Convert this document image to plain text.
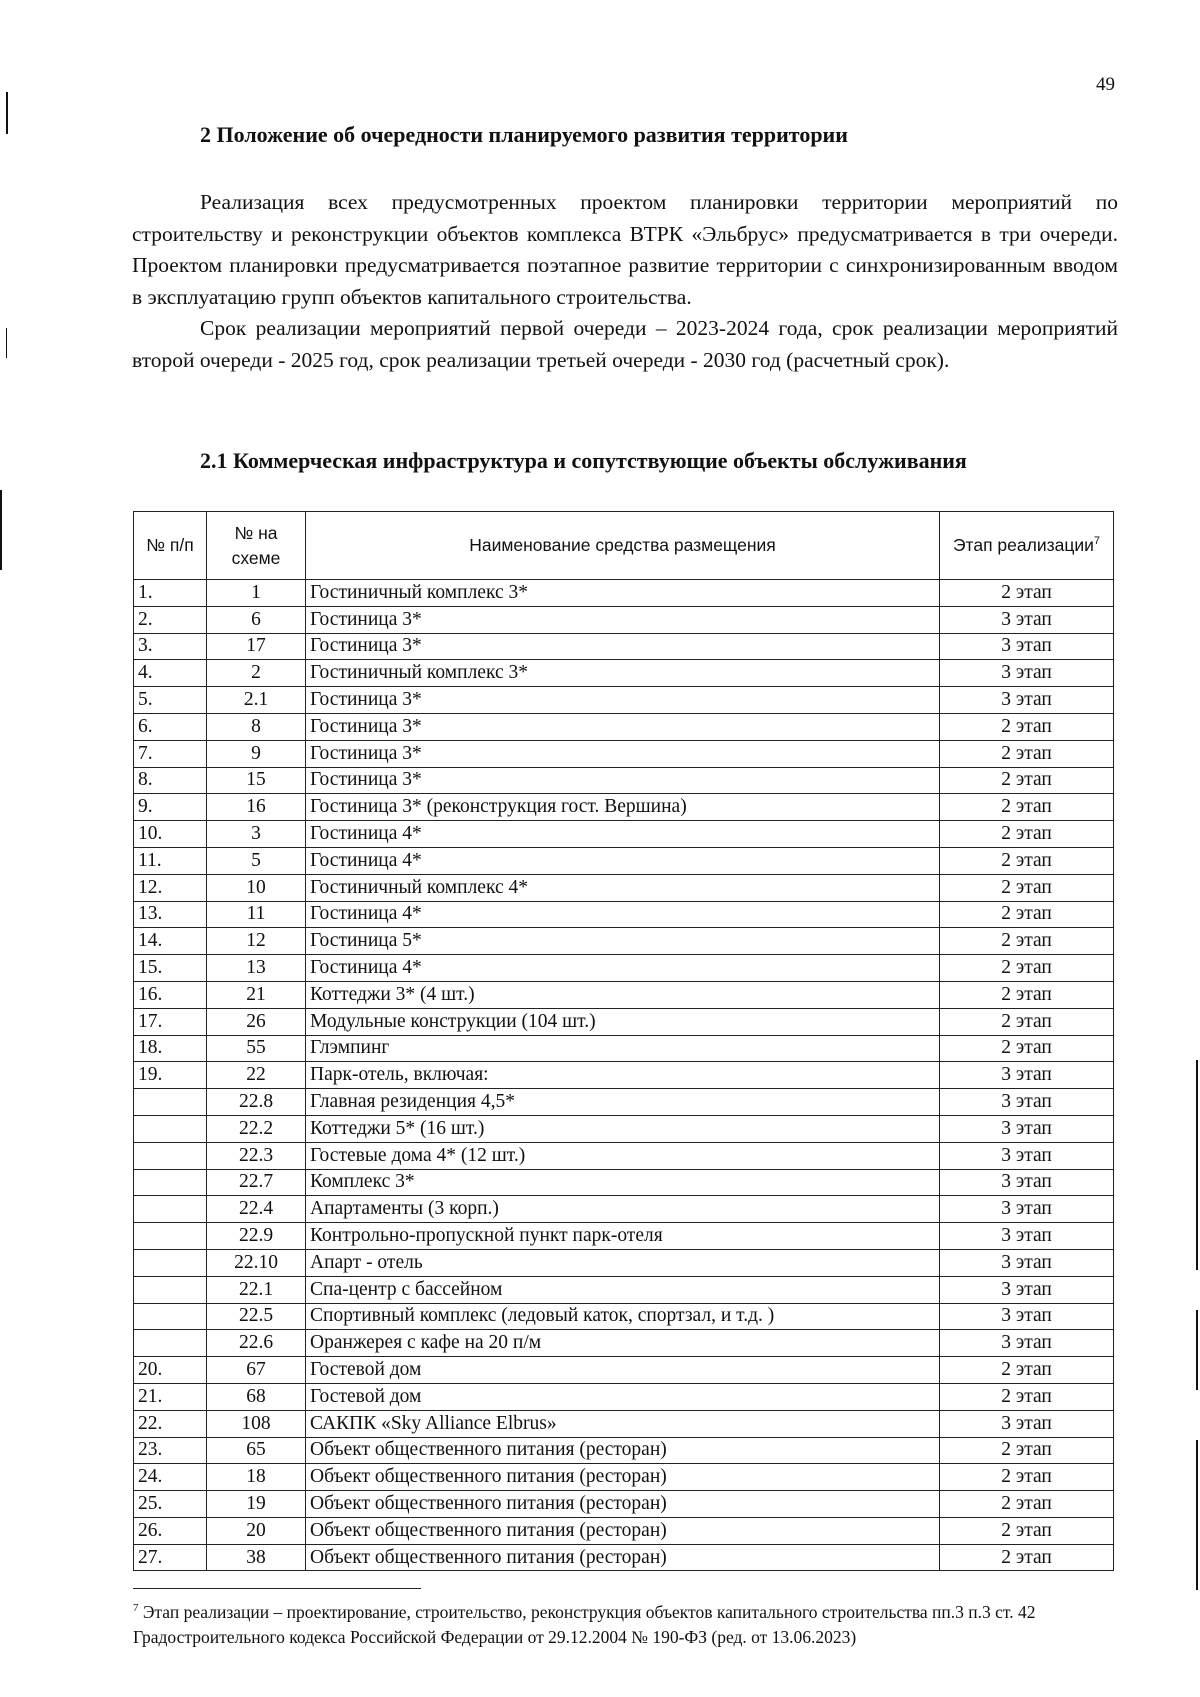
49
2 Положение об очередности планируемого развития территории

Реализация всех предусмотренных проектом планировки территории мероприятий по строительству и реконструкции объектов комплекса ВТРК «Эльбрус» предусматривается в три очереди. Проектом планировки предусматривается поэтапное развитие территории с синхронизированным вводом в эксплуатацию групп объектов капитального строительства.

Срок реализации мероприятий первой очереди – 2023-2024 года, срок реализации мероприятий второй очереди - 2025 год, срок реализации третьей очереди - 2030 год (расчетный срок).

2.1 Коммерческая инфраструктура и сопутствующие объекты обслуживания
№ п/п	№ на схеме	Наименование средства размещения	Этап реализации$^7$
1.	1	Гостиничный комплекс 3*	2 этап
2.	6	Гостиница 3*	3 этап
3.	17	Гостиница 3*	3 этап
4.	2	Гостиничный комплекс 3*	3 этап
5.	2.1	Гостиница 3*	3 этап
6.	8	Гостиница 3*	2 этап
7.	9	Гостиница 3*	2 этап
8.	15	Гостиница 3*	2 этап
9.	16	Гостиница 3* (реконструкция гост. Вершина)	2 этап
10.	3	Гостиница 4*	2 этап
11.	5	Гостиница 4*	2 этап
12.	10	Гостиничный комплекс 4*	2 этап
13.	11	Гостиница 4*	2 этап
14.	12	Гостиница 5*	2 этап
15.	13	Гостиница 4*	2 этап
16.	21	Коттеджи 3* (4 шт.)	2 этап
17.	26	Модульные конструкции (104 шт.)	2 этап
18.	55	Глэмпинг	2 этап
19.	22	Парк-отель, включая:	3 этап
	22.8	Главная резиденция 4,5*	3 этап
	22.2	Коттеджи 5* (16 шт.)	3 этап
	22.3	Гостевые дома 4* (12 шт.)	3 этап
	22.7	Комплекс 3*	3 этап
	22.4	Апартаменты (3 корп.)	3 этап
	22.9	Контрольно-пропускной пункт парк-отеля	3 этап
	22.10	Апарт - отель	3 этап
	22.1	Спа-центр с бассейном	3 этап
	22.5	Спортивный комплекс (ледовый каток, спортзал, и т.д. )	3 этап
	22.6	Оранжерея с кафе на 20 п/м	3 этап
20.	67	Гостевой дом	2 этап
21.	68	Гостевой дом	2 этап
22.	108	САКПК «Sky Alliance Elbrus»	3 этап
23.	65	Объект общественного питания (ресторан)	2 этап
24.	18	Объект общественного питания (ресторан)	2 этап
25.	19	Объект общественного питания (ресторан)	2 этап
26.	20	Объект общественного питания (ресторан)	2 этап
27.	38	Объект общественного питания (ресторан)	2 этап

$^7$ Этап реализации – проектирование, строительство, реконструкция объектов капитального строительства пп.3 п.3 ст. 42 Градостроительного кодекса Российской Федерации от 29.12.2004 № 190-ФЗ (ред. от 13.06.2023)
